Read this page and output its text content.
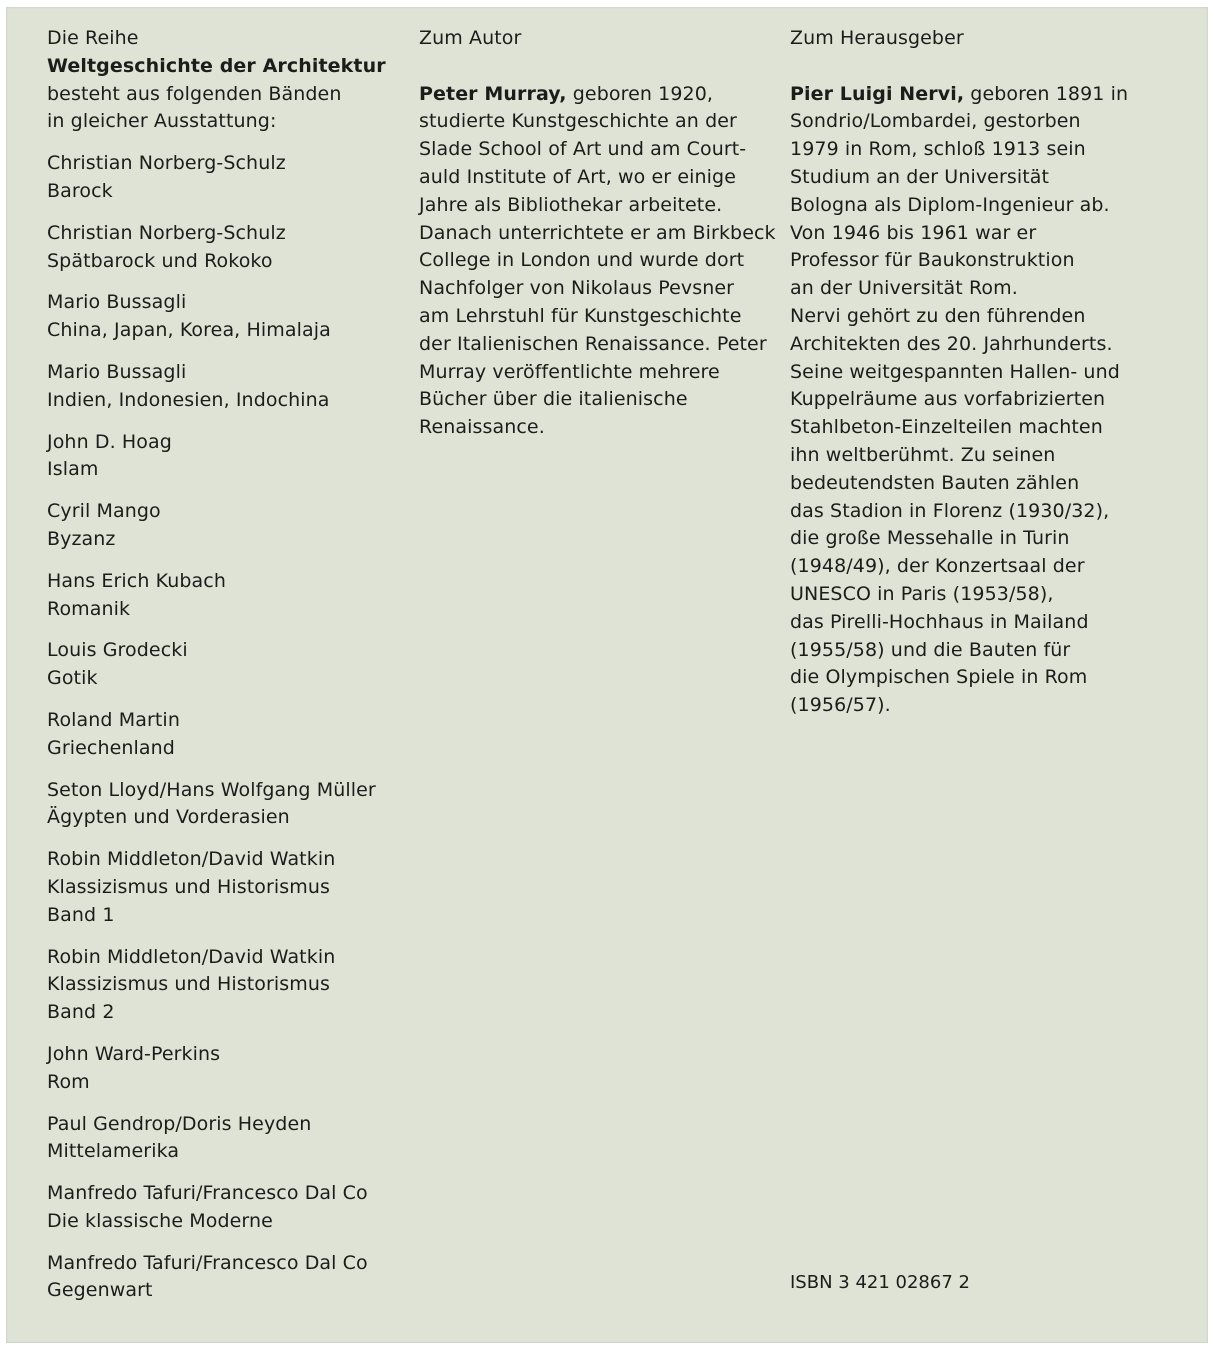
Die Reihe
Weltgeschichte der Architektur
besteht aus folgenden Bänden
in gleicher Ausstattung:
Christian Norberg-Schulz
Barock
Christian Norberg-Schulz
Spätbarock und Rokoko
Mario Bussagli
China, Japan, Korea, Himalaja
Mario Bussagli
Indien, Indonesien, Indochina
John D. Hoag
Islam
Cyril Mango
Byzanz
Hans Erich Kubach
Romanik
Louis Grodecki
Gotik
Roland Martin
Griechenland
Seton Lloyd/Hans Wolfgang Müller
Ägypten und Vorderasien
Robin Middleton/David Watkin
Klassizismus und Historismus
Band 1
Robin Middleton/David Watkin
Klassizismus und Historismus
Band 2
John Ward-Perkins
Rom
Paul Gendrop/Doris Heyden
Mittelamerika
Manfredo Tafuri/Francesco Dal Co
Die klassische Moderne
Manfredo Tafuri/Francesco Dal Co
Gegenwart
Zum Autor
Peter Murray, geboren 1920,
studierte Kunstgeschichte an der
Slade School of Art und am Court-
auld Institute of Art, wo er einige
Jahre als Bibliothekar arbeitete.
Danach unterrichtete er am Birkbeck
College in London und wurde dort
Nachfolger von Nikolaus Pevsner
am Lehrstuhl für Kunstgeschichte
der Italienischen Renaissance. Peter
Murray veröffentlichte mehrere
Bücher über die italienische
Renaissance.
Zum Herausgeber
Pier Luigi Nervi, geboren 1891 in
Sondrio/Lombardei, gestorben
1979 in Rom, schloß 1913 sein
Studium an der Universität
Bologna als Diplom-Ingenieur ab.
Von 1946 bis 1961 war er
Professor für Baukonstruktion
an der Universität Rom.
Nervi gehört zu den führenden
Architekten des 20. Jahrhunderts.
Seine weitgespannten Hallen- und
Kuppelräume aus vorfabrizierten
Stahlbeton-Einzelteilen machten
ihn weltberühmt. Zu seinen
bedeutendsten Bauten zählen
das Stadion in Florenz (1930/32),
die große Messehalle in Turin
(1948/49), der Konzertsaal der
UNESCO in Paris (1953/58),
das Pirelli-Hochhaus in Mailand
(1955/58) und die Bauten für
die Olympischen Spiele in Rom
(1956/57).
ISBN 3 421 02867 2
